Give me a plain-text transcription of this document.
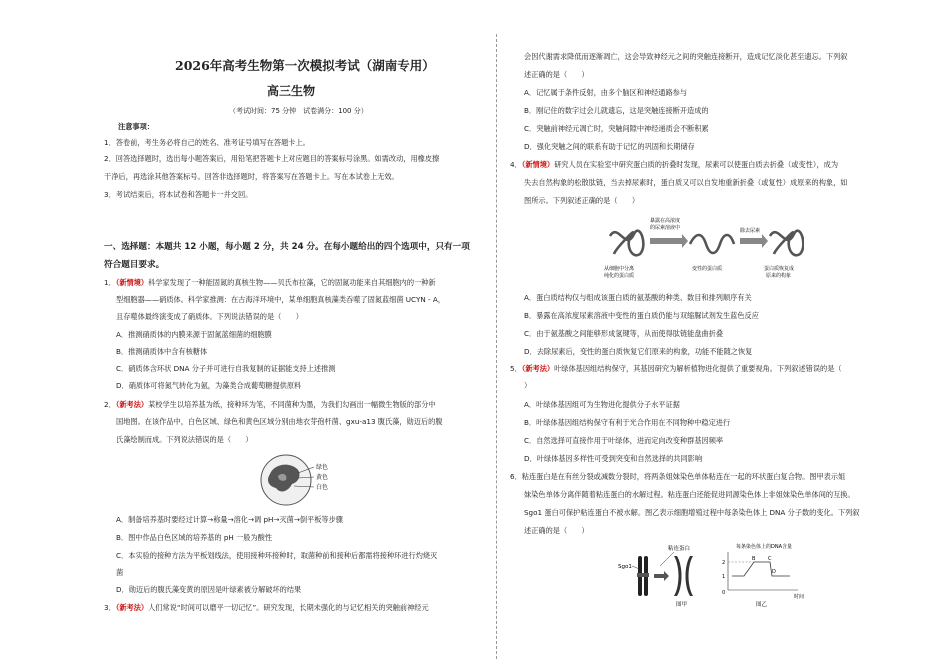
2026年高考生物第一次模拟考试（湖南专用）
高三生物
（考试时间：75 分钟　试卷满分：100 分）
注意事项：
1．答卷前，考生务必将自己的姓名、准考证号填写在答题卡上。
2．回答选择题时，选出每小题答案后，用铅笔把答题卡上对应题目的答案标号涂黑。如需改动，用橡皮擦
干净后，再选涂其他答案标号。回答非选择题时，将答案写在答题卡上。写在本试卷上无效。
3．考试结束后，将本试卷和答题卡一并交回。
一、选择题：本题共 12 小题，每小题 2 分，共 24 分。在每小题给出的四个选项中，只有一项
符合题目要求。
1．（新情境）科学家发现了一种能固氮的真核生物——贝氏布拉藻，它的固氮功能来自其细胞内的一种新
型细胞器——硝质体。科学家推测：在古海洋环境中，某单细胞真核藻类吞噬了固氮蓝细菌 UCYN - A，
且存噬体最终演变成了硝质体。下列说法错误的是（　　）
A．推测硝质体的内膜来源于固氮蓝细菌的细胞膜
B．推测硝质体中含有核糖体
C．硝质体含环状 DNA 分子并可进行自我复制的证据能支持上述推测
D．硝质体可将氮气转化为氨，为藻类合成葡萄糖提供原料
2．（新考法）某校学生以培养基为纸，接种环为笔，不同菌种为墨，为我们勾画出一幅微生物版的部分中
国地图。在该作品中，白色区域、绿色和黄色区域分别由地衣芽孢杆菌、gxu-a13 腹氏藻，勋迈后的腹
氏藻绘制而成。下列说法错误的是（　　）
绿色
黄色
白色
A．制备培养基时要经过计算→称量→溶化→调 pH→灭菌→倒平板等步骤
B．图中作品白色区域的培养基的 pH 一般为酸性
C．本实验的接种方法为平板划线法，使用接种环接种时，取菌种前和接种后都需将接种环进行灼烧灭
菌
D．勋迈后的腹氏藻变黄的原因是叶绿素被分解破坏的结果
3．（新考法）人们常说“时间可以磨平一切记忆”。研究发现，长期未强化的与记忆相关的突触前神经元
会因代谢需求降低而逐渐凋亡，这会导致神经元之间的突触连接断开，造成记忆淡化甚至遗忘。下列叙
述正确的是（　　）
A．记忆属于条件反射，由多个脑区和神经通路参与
B．刚记住的数字过会儿就遗忘，这是突触连接断开造成的
C．突触前神经元凋亡时，突触间隙中神经递质会不断积累
D．强化突触之间的联系有助于记忆的巩固和长期储存
4．（新情境）研究人员在实验室中研究蛋白质的折叠时发现，尿素可以使蛋白质去折叠（或变性），成为
失去自然构象的松散肽链，当去掉尿素时，蛋白质又可以自发地重新折叠（或复性）成原来的构象，如
图所示。下列叙述正确的是（　　）
暴露在高浓度
的尿素溶液中	除去尿素
从细胞中分离
纯化的蛋白质
变性的蛋白质	蛋白质恢复成
原来的构象
A．蛋白质结构仅与组成该蛋白质的氨基酸的种类、数目和排列顺序有关
B．暴露在高浓度尿素溶液中变性的蛋白质仍能与双缩脲试剂发生蓝色反应
C．由于氨基酸之间能够形成氢键等，从而使得肽链能盘曲折叠
D．去除尿素后，变性的蛋白质恢复它们原来的构象，功能不能随之恢复
5．（新考法）叶绿体基因组结构保守，其基因研究为解析植物进化提供了重要视角。下列叙述错误的是（
）
A．叶绿体基因组可为生物进化提供分子水平证据
B．叶绿体基因组结构保守有利于光合作用在不同物种中稳定进行
C．自然选择可直接作用于叶绿体，进而定向改变种群基因频率
D．叶绿体基因多样性可受到突变和自然选择的共同影响
6．粘连蛋白是在有丝分裂或减数分裂时，将两条姐妹染色单体粘连在一起的环状蛋白复合物。图甲表示姐
妹染色单体分离伴随着粘连蛋白的水解过程。粘连蛋白还能促进同源染色体上非姐妹染色单体间的互换。
Sgo1 蛋白可保护粘连蛋白不被水解。图乙表示细胞增殖过程中每条染色体上 DNA 分子数的变化。下列叙
述正确的是（　　）
粘连蛋白
Sgo1
图甲
每条染色体上的DNA含量
2
1
0
时间
B	C
D
图乙
